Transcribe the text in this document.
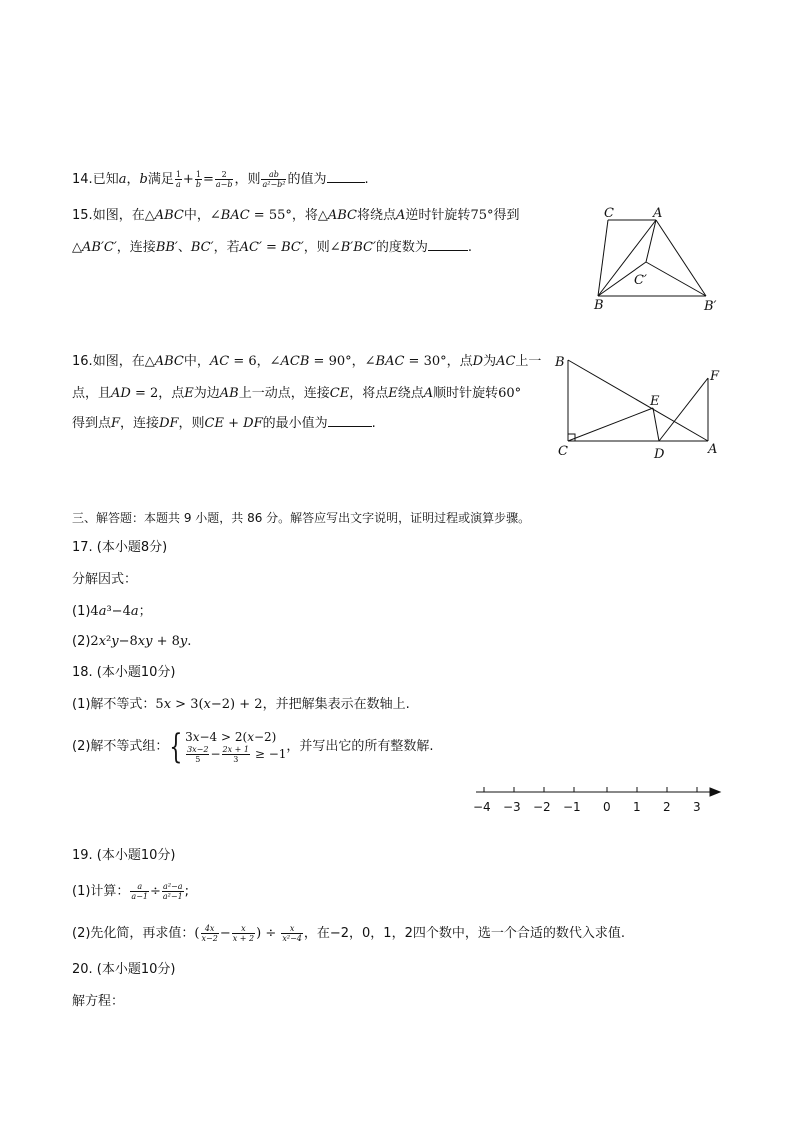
14.已知a，b满足 $\frac{1}{a} + \frac{1}{b} = \frac{2}{a-b}$ ，则 $\frac{ab}{\text{a²−b²}}$ 的值为	.
15.如图，在△ABC中，∠BAC = 55°，将△ABC将绕点A逆时针旋转75°得到
△AB′C′，连接BB′、BC′，若AC′ = BC′，则∠B′BC′的度数为	.
C	A
C′
B	B′
16.如图，在△ABC中，AC = 6，∠ACB = 90°，∠BAC = 30°，点D为AC上一
点，且AD = 2，点E为边AB上一动点，连接CE，将点E绕点A顺时针旋转60°
得到点F，连接DF，则CE + DF的最小值为	.
B
F
E
C	D	A
三、解答题：本题共 9 小题，共 86 分。解答应写出文字说明，证明过程或演算步骤。
17. (本小题8分)
分解因式：
(1)4a³−4a；
(2)2x²y−8xy + 8y.
18. (本小题10分)
(1)解不等式：5x > 3(x−2) + 2，并把解集表示在数轴上.
(2)解不等式组：{ 3x−4 > 2(x−2)
$\frac{3x-2}{5} - \frac{2x + 1}{3} \ge -1$ ，并写出它的所有整数解.
−4 −3 −2 −1 0 1 2 3
19. (本小题10分)
(1)计算： $\frac{a}{a-1} \div \frac{\text{a²−a}}{\text{a²−1}}$ ;
(2)先化简，再求值：( $\frac{4x}{x-2} - \frac{x}{x + 2}$ ) ÷ $\frac{x}{\text{x²−4}}$ ，在−2，0，1，2四个数中，选一个合适的数代入求值.
20. (本小题10分)
解方程：
